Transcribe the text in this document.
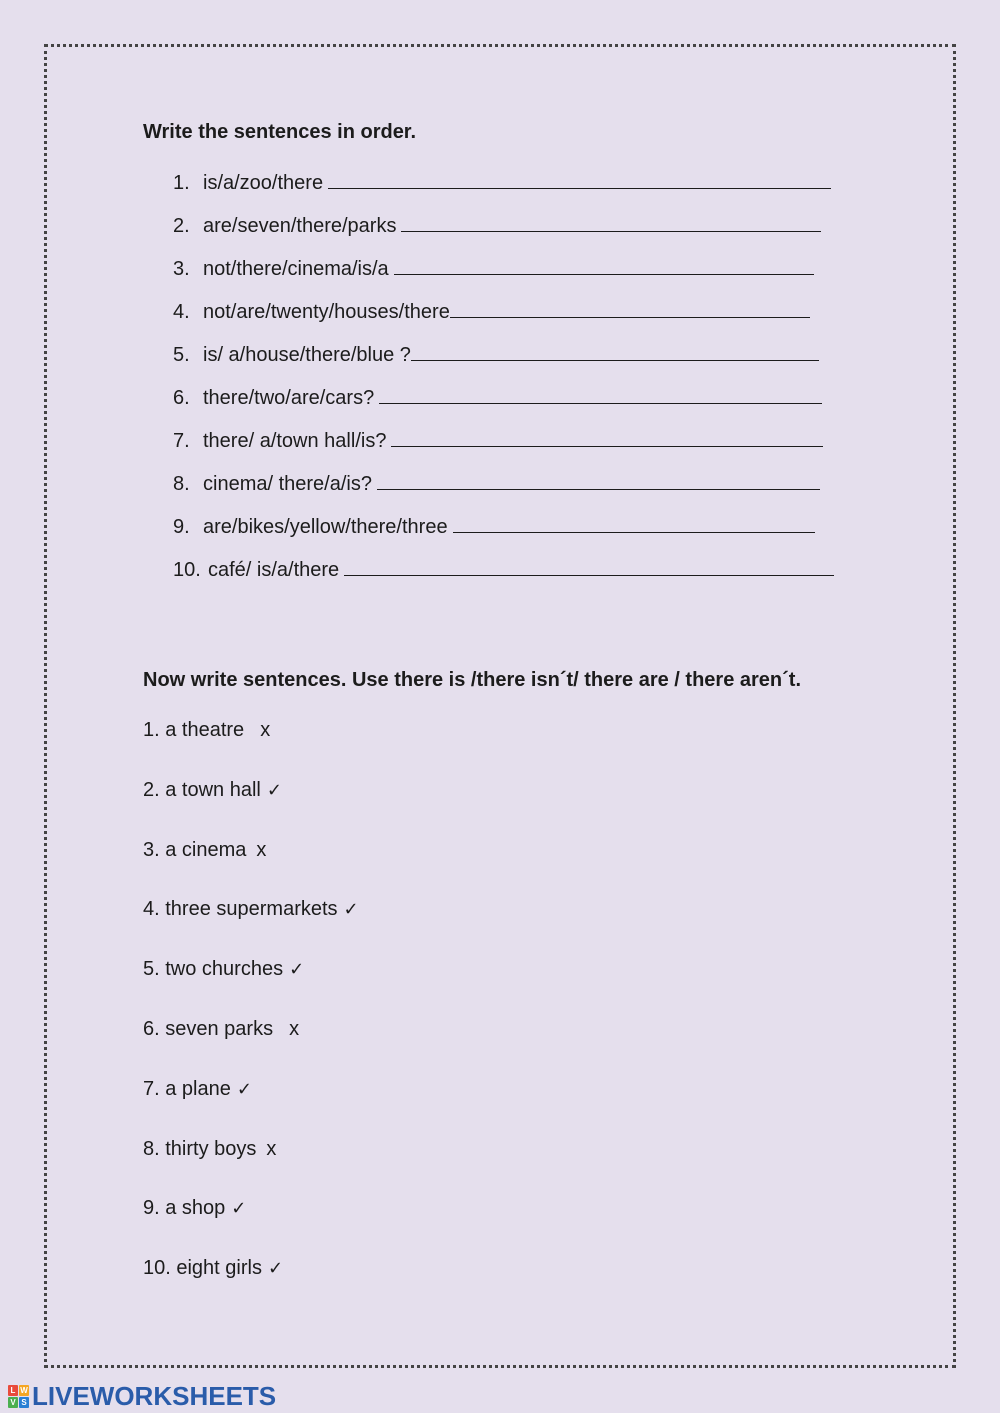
Write the sentences in order.
1. is/a/zoo/there
2. are/seven/there/parks
3. not/there/cinema/is/a
4. not/are/twenty/houses/there
5. is/ a/house/there/blue ?
6. there/two/are/cars?
7. there/ a/town hall/is?
8. cinema/ there/a/is?
9. are/bikes/yellow/there/three
10. café/ is/a/there
Now write sentences. Use there is /there isn´t/ there are / there aren´t.
1. a theatre x
2. a town hall ✓
3. a cinema x
4. three supermarkets ✓
5. two churches ✓
6. seven parks x
7. a plane ✓
8. thirty boys x
9. a shop ✓
10. eight girls ✓
L W
V S LIVEWORKSHEETS
